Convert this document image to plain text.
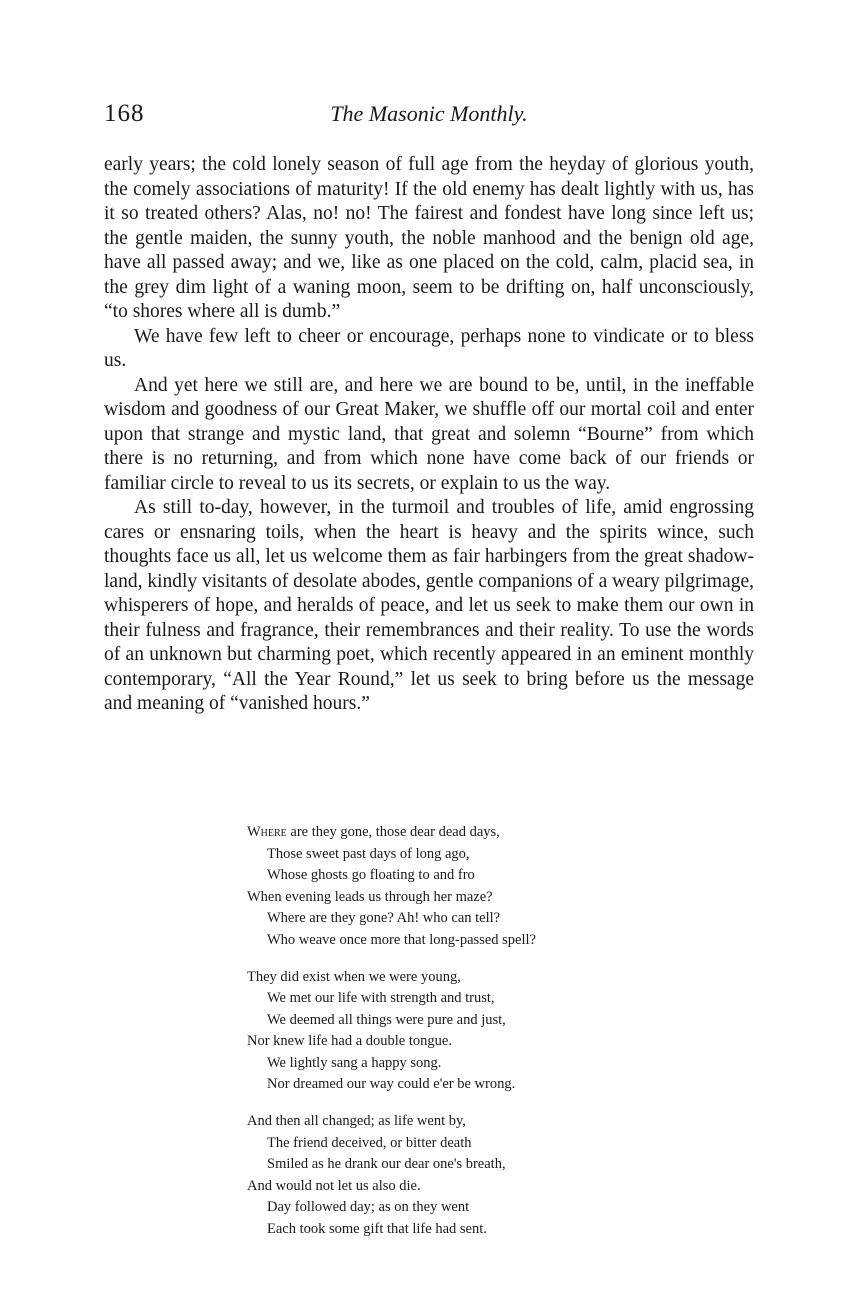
168	The Masonic Monthly.

early years; the cold lonely season of full age from the heyday of glorious youth, the comely associations of maturity! If the old enemy has dealt lightly with us, has it so treated others? Alas, no! no! The fairest and fondest have long since left us; the gentle maiden, the sunny youth, the noble manhood and the benign old age, have all passed away; and we, like as one placed on the cold, calm, placid sea, in the grey dim light of a waning moon, seem to be drifting on, half unconsciously, “to shores where all is dumb.”

We have few left to cheer or encourage, perhaps none to vindicate or to bless us.

And yet here we still are, and here we are bound to be, until, in the ineffable wisdom and goodness of our Great Maker, we shuffle off our mortal coil and enter upon that strange and mystic land, that great and solemn “Bourne” from which there is no returning, and from which none have come back of our friends or familiar circle to reveal to us its secrets, or explain to us the way.

As still to-day, however, in the turmoil and troubles of life, amid engrossing cares or ensnaring toils, when the heart is heavy and the spirits wince, such thoughts face us all, let us welcome them as fair harbingers from the great shadow-land, kindly visitants of desolate abodes, gentle companions of a weary pilgrimage, whisperers of hope, and heralds of peace, and let us seek to make them our own in their fulness and fragrance, their remembrances and their reality. To use the words of an unknown but charming poet, which recently appeared in an eminent monthly contemporary, “All the Year Round,” let us seek to bring before us the message and meaning of “vanished hours.”

Where are they gone, those dear dead days,
Those sweet past days of long ago,
Whose ghosts go floating to and fro
When evening leads us through her maze?
Where are they gone? Ah! who can tell?
Who weave once more that long-passed spell?
They did exist when we were young,
We met our life with strength and trust,
We deemed all things were pure and just,
Nor knew life had a double tongue.
We lightly sang a happy song.
Nor dreamed our way could e'er be wrong.
And then all changed; as life went by,
The friend deceived, or bitter death
Smiled as he drank our dear one's breath,
And would not let us also die.
Day followed day; as on they went
Each took some gift that life had sent.
